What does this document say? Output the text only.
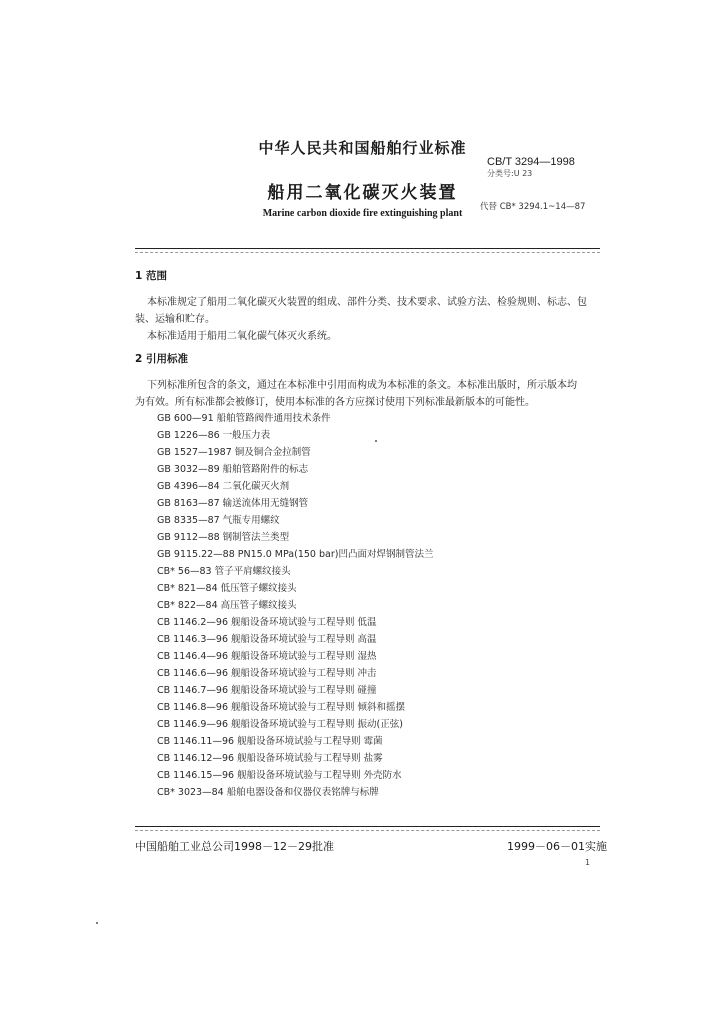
中华人民共和国船舶行业标准
CB/T 3294—1998
分类号:U 23
船用二氧化碳灭火装置
代替 CB* 3294.1~14—87
Marine carbon dioxide fire extinguishing plant
1 范围
本标准规定了船用二氧化碳灭火装置的组成、部件分类、技术要求、试验方法、检验规则、标志、包
装、运输和贮存。
本标准适用于船用二氧化碳气体灭火系统。
2 引用标准
下列标准所包含的条文，通过在本标准中引用而构成为本标准的条文。本标准出版时，所示版本均
为有效。所有标准都会被修订，使用本标准的各方应探讨使用下列标准最新版本的可能性。
GB 600—91 船舶管路阀件通用技术条件
GB 1226—86 一般压力表
GB 1527—1987 铜及铜合金拉制管
GB 3032—89 船舶管路附件的标志
GB 4396—84 二氧化碳灭火剂
GB 8163—87 输送流体用无缝钢管
GB 8335—87 气瓶专用螺纹
GB 9112—88 钢制管法兰类型
GB 9115.22—88 PN15.0 MPa(150 bar)凹凸面对焊钢制管法兰
CB* 56—83 管子平肩螺纹接头
CB* 821—84 低压管子螺纹接头
CB* 822—84 高压管子螺纹接头
CB 1146.2—96 舰船设备环境试验与工程导则 低温
CB 1146.3—96 舰船设备环境试验与工程导则 高温
CB 1146.4—96 舰船设备环境试验与工程导则 湿热
CB 1146.6—96 舰船设备环境试验与工程导则 冲击
CB 1146.7—96 舰船设备环境试验与工程导则 碰撞
CB 1146.8—96 舰船设备环境试验与工程导则 倾斜和摇摆
CB 1146.9—96 舰船设备环境试验与工程导则 振动(正弦)
CB 1146.11—96 舰船设备环境试验与工程导则 霉菌
CB 1146.12—96 舰船设备环境试验与工程导则 盐雾
CB 1146.15—96 舰船设备环境试验与工程导则 外壳防水
CB* 3023—84 船舶电器设备和仪器仪表铭牌与标牌
中国船舶工业总公司1998－12－29批准	1999－06－01实施
1
